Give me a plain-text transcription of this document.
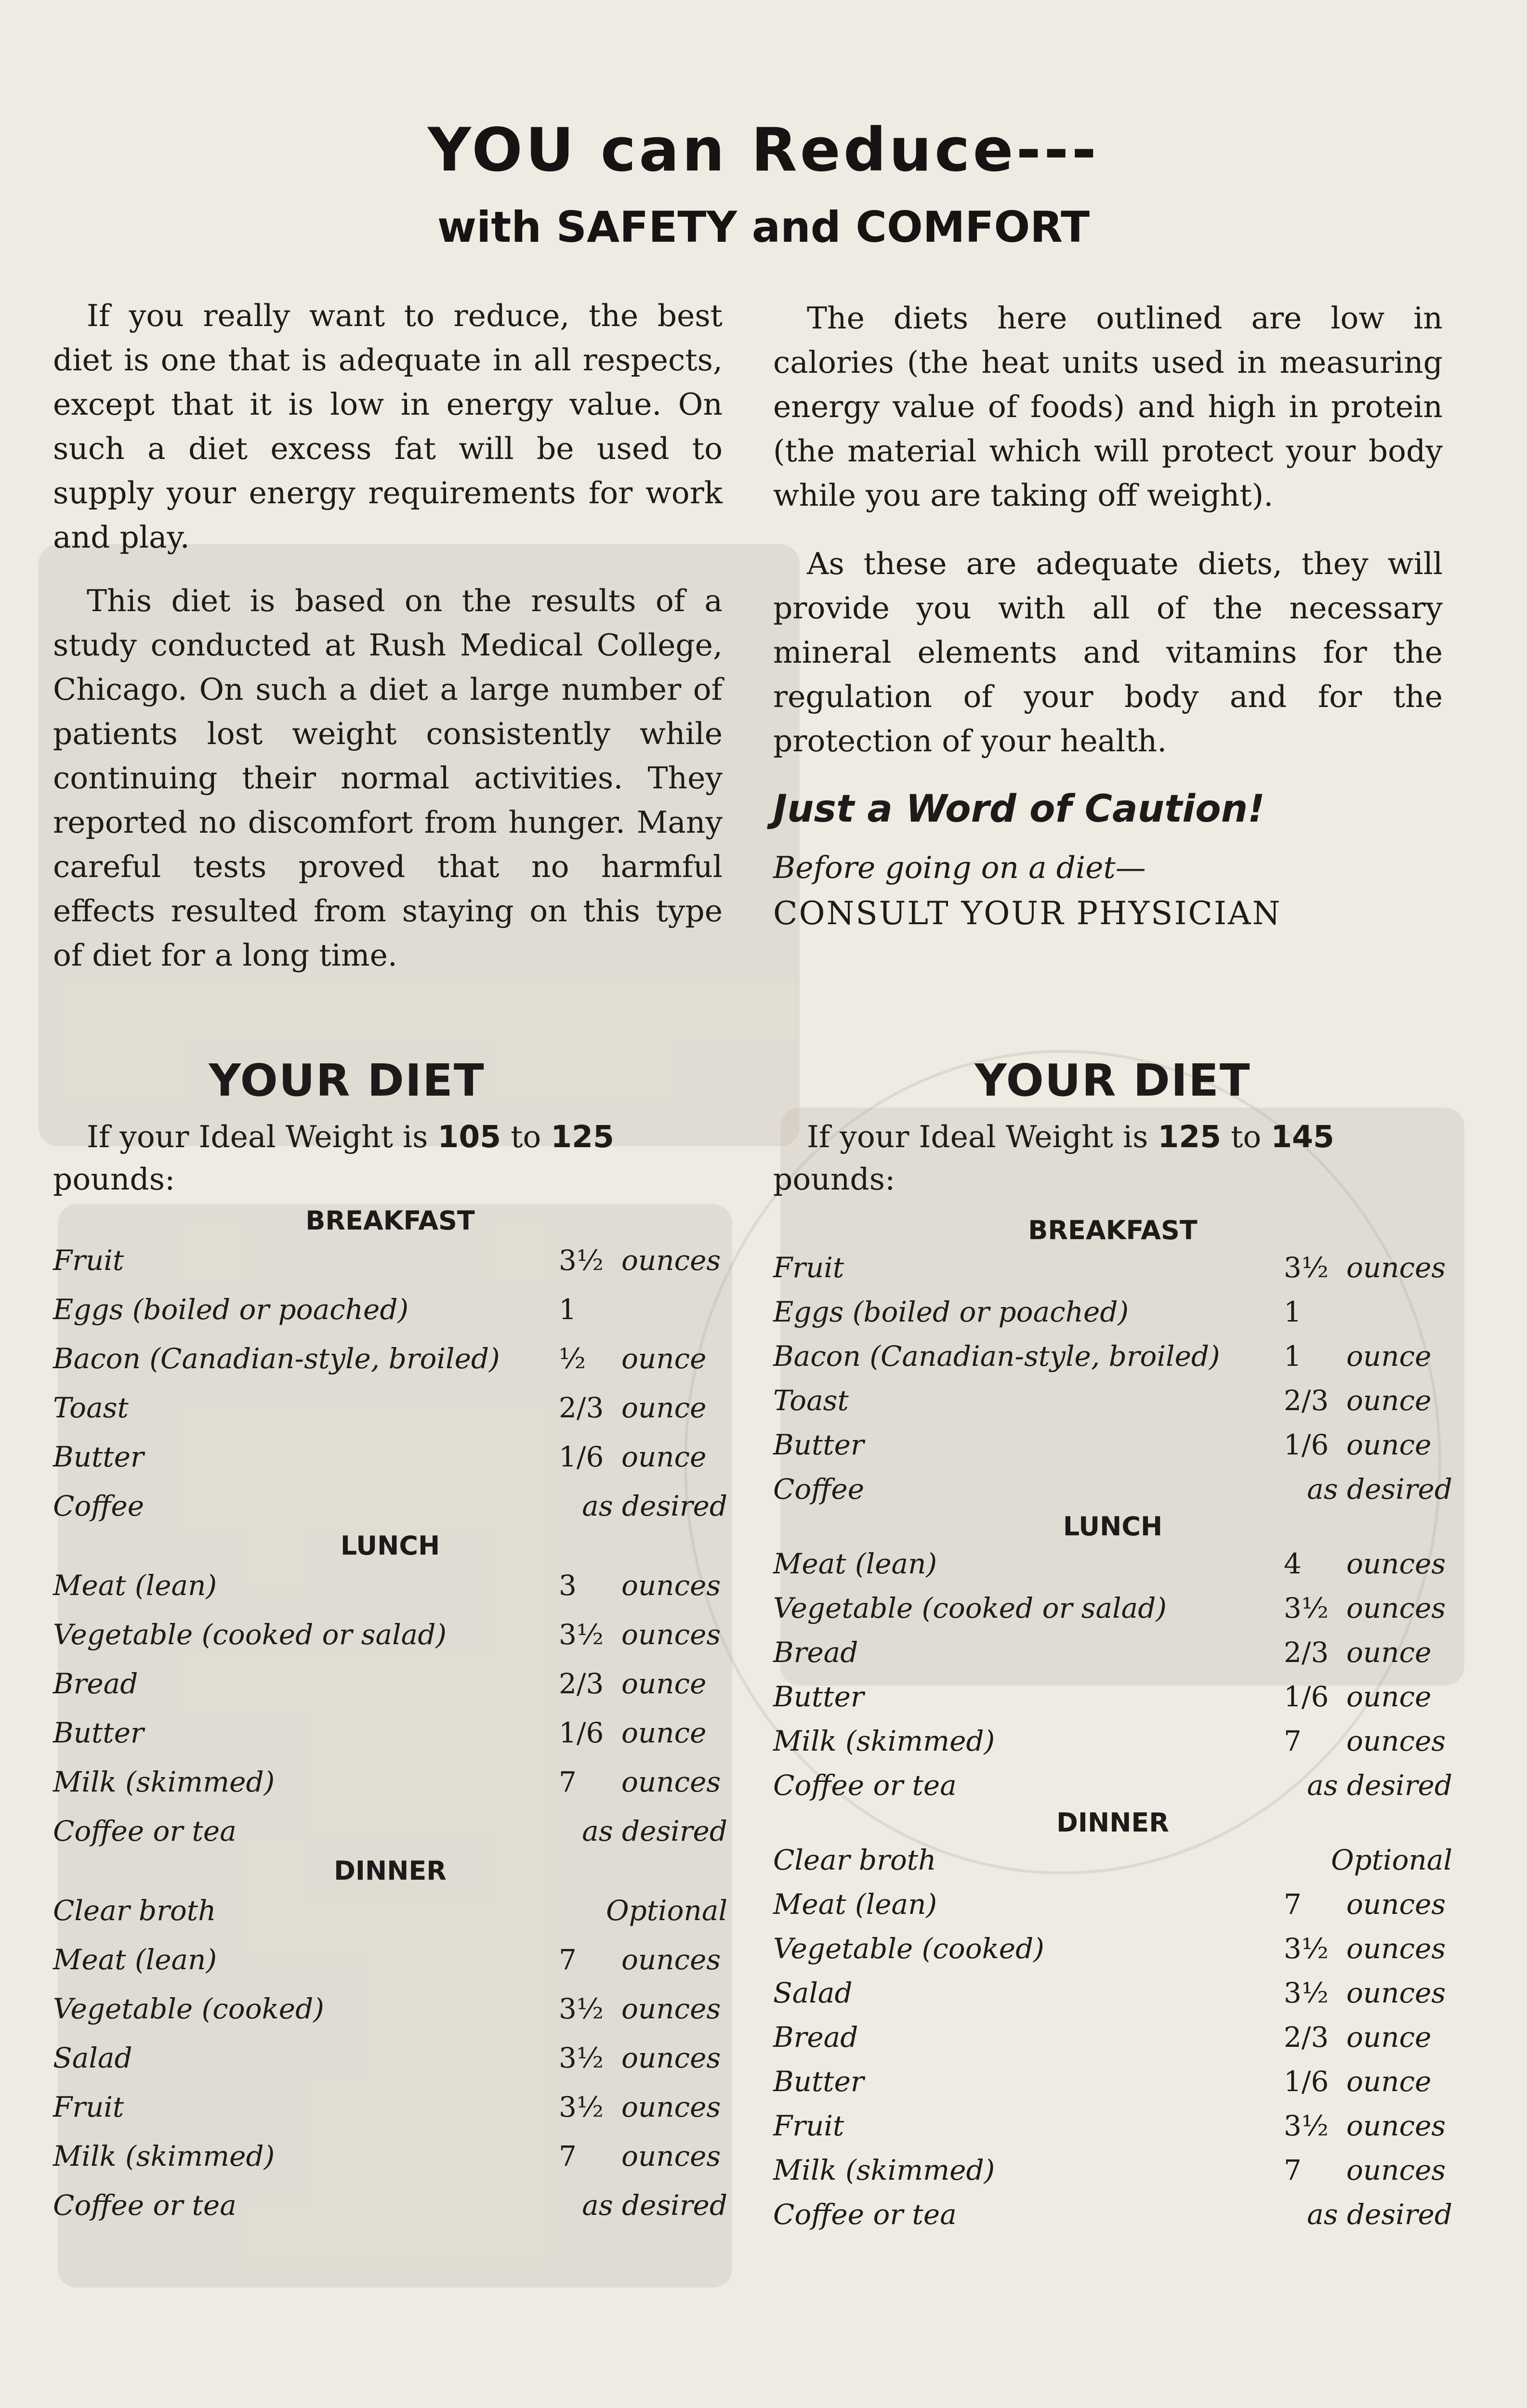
YOU can Reduce---
with SAFETY and COMFORT

If you really want to reduce, the best diet is one that is adequate in all respects, except that it is low in energy value. On such a diet excess fat will be used to supply your energy requirements for work and play.

This diet is based on the results of a study conducted at Rush Medical College, Chicago. On such a diet a large number of patients lost weight consistently while continuing their normal activities. They reported no discomfort from hunger. Many careful tests proved that no harmful effects resulted from staying on this type of diet for a long time.

The diets here outlined are low in calories (the heat units used in measuring energy value of foods) and high in protein (the material which will protect your body while you are taking off weight).

As these are adequate diets, they will provide you with all of the necessary mineral elements and vitamins for the regulation of your body and for the protection of your health.

Just a Word of Caution!

Before going on a diet—

CONSULT YOUR PHYSICIAN

YOUR DIET

If your Ideal Weight is 105 to 125 pounds:

BREAKFAST

Fruit	3½ ounces
Eggs (boiled or poached)	1
Bacon (Canadian-style, broiled)	½	ounce
Toast	2/3 ounce
Butter	1/6 ounce
Coffee	as desired

LUNCH

Meat (lean)	3	ounces
Vegetable (cooked or salad)	3½ ounces
Bread	2/3 ounce
Butter	1/6 ounce
Milk (skimmed)	7	ounces
Coffee or tea	as desired

DINNER

Clear broth	Optional
Meat (lean)	7	ounces
Vegetable (cooked)	3½ ounces
Salad	3½ ounces
Fruit	3½ ounces
Milk (skimmed)	7	ounces
Coffee or tea	as desired

YOUR DIET

If your Ideal Weight is 125 to 145 pounds:

BREAKFAST

Fruit	3½ ounces
Eggs (boiled or poached)	1
Bacon (Canadian-style, broiled)	1	ounce
Toast	2/3 ounce
Butter	1/6 ounce
Coffee	as desired

LUNCH

Meat (lean)	4	ounces
Vegetable (cooked or salad)	3½ ounces
Bread	2/3 ounce
Butter	1/6 ounce
Milk (skimmed)	7	ounces
Coffee or tea	as desired

DINNER

Clear broth	Optional
Meat (lean)	7	ounces
Vegetable (cooked)	3½ ounces
Salad	3½ ounces
Bread	2/3 ounce
Butter	1/6 ounce
Fruit	3½ ounces
Milk (skimmed)	7	ounces
Coffee or tea	as desired
